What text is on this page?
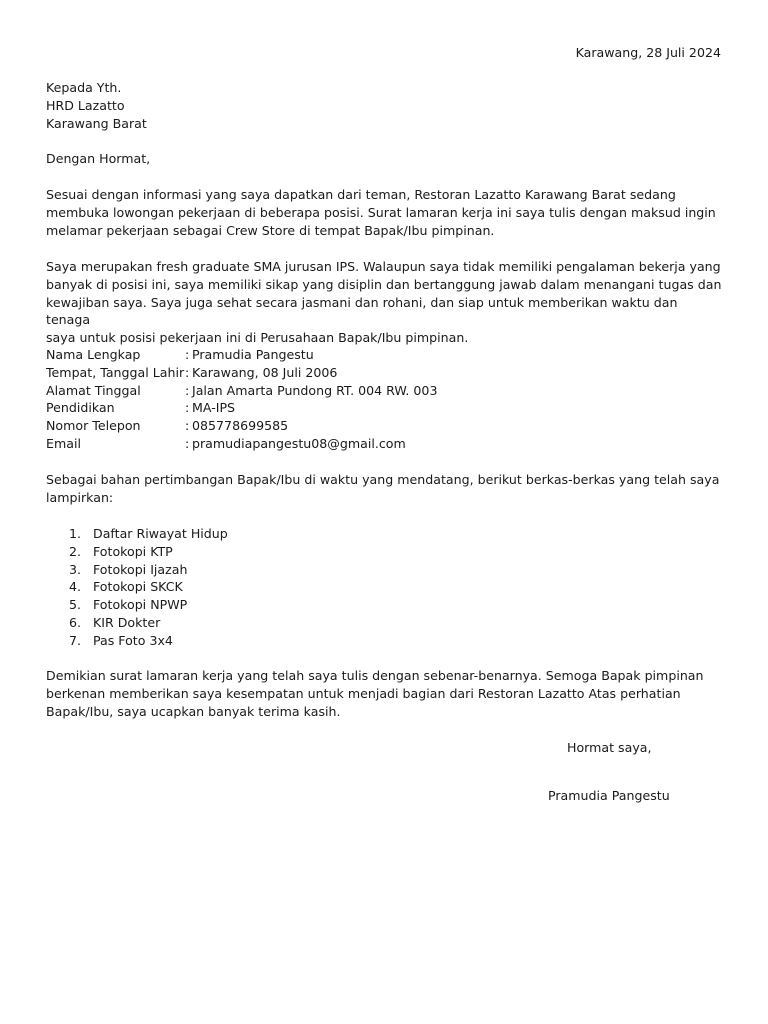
Karawang, 28 Juli 2024

Kepada Yth.

HRD Lazatto

Karawang Barat

Dengan Hormat,

Sesuai dengan informasi yang saya dapatkan dari teman, Restoran Lazatto Karawang Barat sedang

membuka lowongan pekerjaan di beberapa posisi. Surat lamaran kerja ini saya tulis dengan maksud ingin

melamar pekerjaan sebagai Crew Store di tempat Bapak/Ibu pimpinan.

Saya merupakan fresh graduate SMA jurusan IPS. Walaupun saya tidak memiliki pengalaman bekerja yang

banyak di posisi ini, saya memiliki sikap yang disiplin dan bertanggung jawab dalam menangani tugas dan

kewajiban saya. Saya juga sehat secara jasmani dan rohani, dan siap untuk memberikan waktu dan tenaga

saya untuk posisi pekerjaan ini di Perusahaan Bapak/Ibu pimpinan.

Nama Lengkap	: Pramudia Pangestu
Tempat, Tanggal Lahir : Karawang, 08 Juli 2006
Alamat Tinggal	: Jalan Amarta Pundong RT. 004 RW. 003
Pendidikan	: MA-IPS
Nomor Telepon	: 085778699585
Email	: pramudiapangestu08@gmail.com

Sebagai bahan pertimbangan Bapak/Ibu di waktu yang mendatang, berikut berkas-berkas yang telah saya

lampirkan:

1. Daftar Riwayat Hidup
2. Fotokopi KTP
3. Fotokopi Ijazah
4. Fotokopi SKCK
5. Fotokopi NPWP
6. KIR Dokter
7. Pas Foto 3x4

Demikian surat lamaran kerja yang telah saya tulis dengan sebenar-benarnya. Semoga Bapak pimpinan

berkenan memberikan saya kesempatan untuk menjadi bagian dari Restoran Lazatto Atas perhatian

Bapak/Ibu, saya ucapkan banyak terima kasih.

Hormat saya,
Pramudia Pangestu
